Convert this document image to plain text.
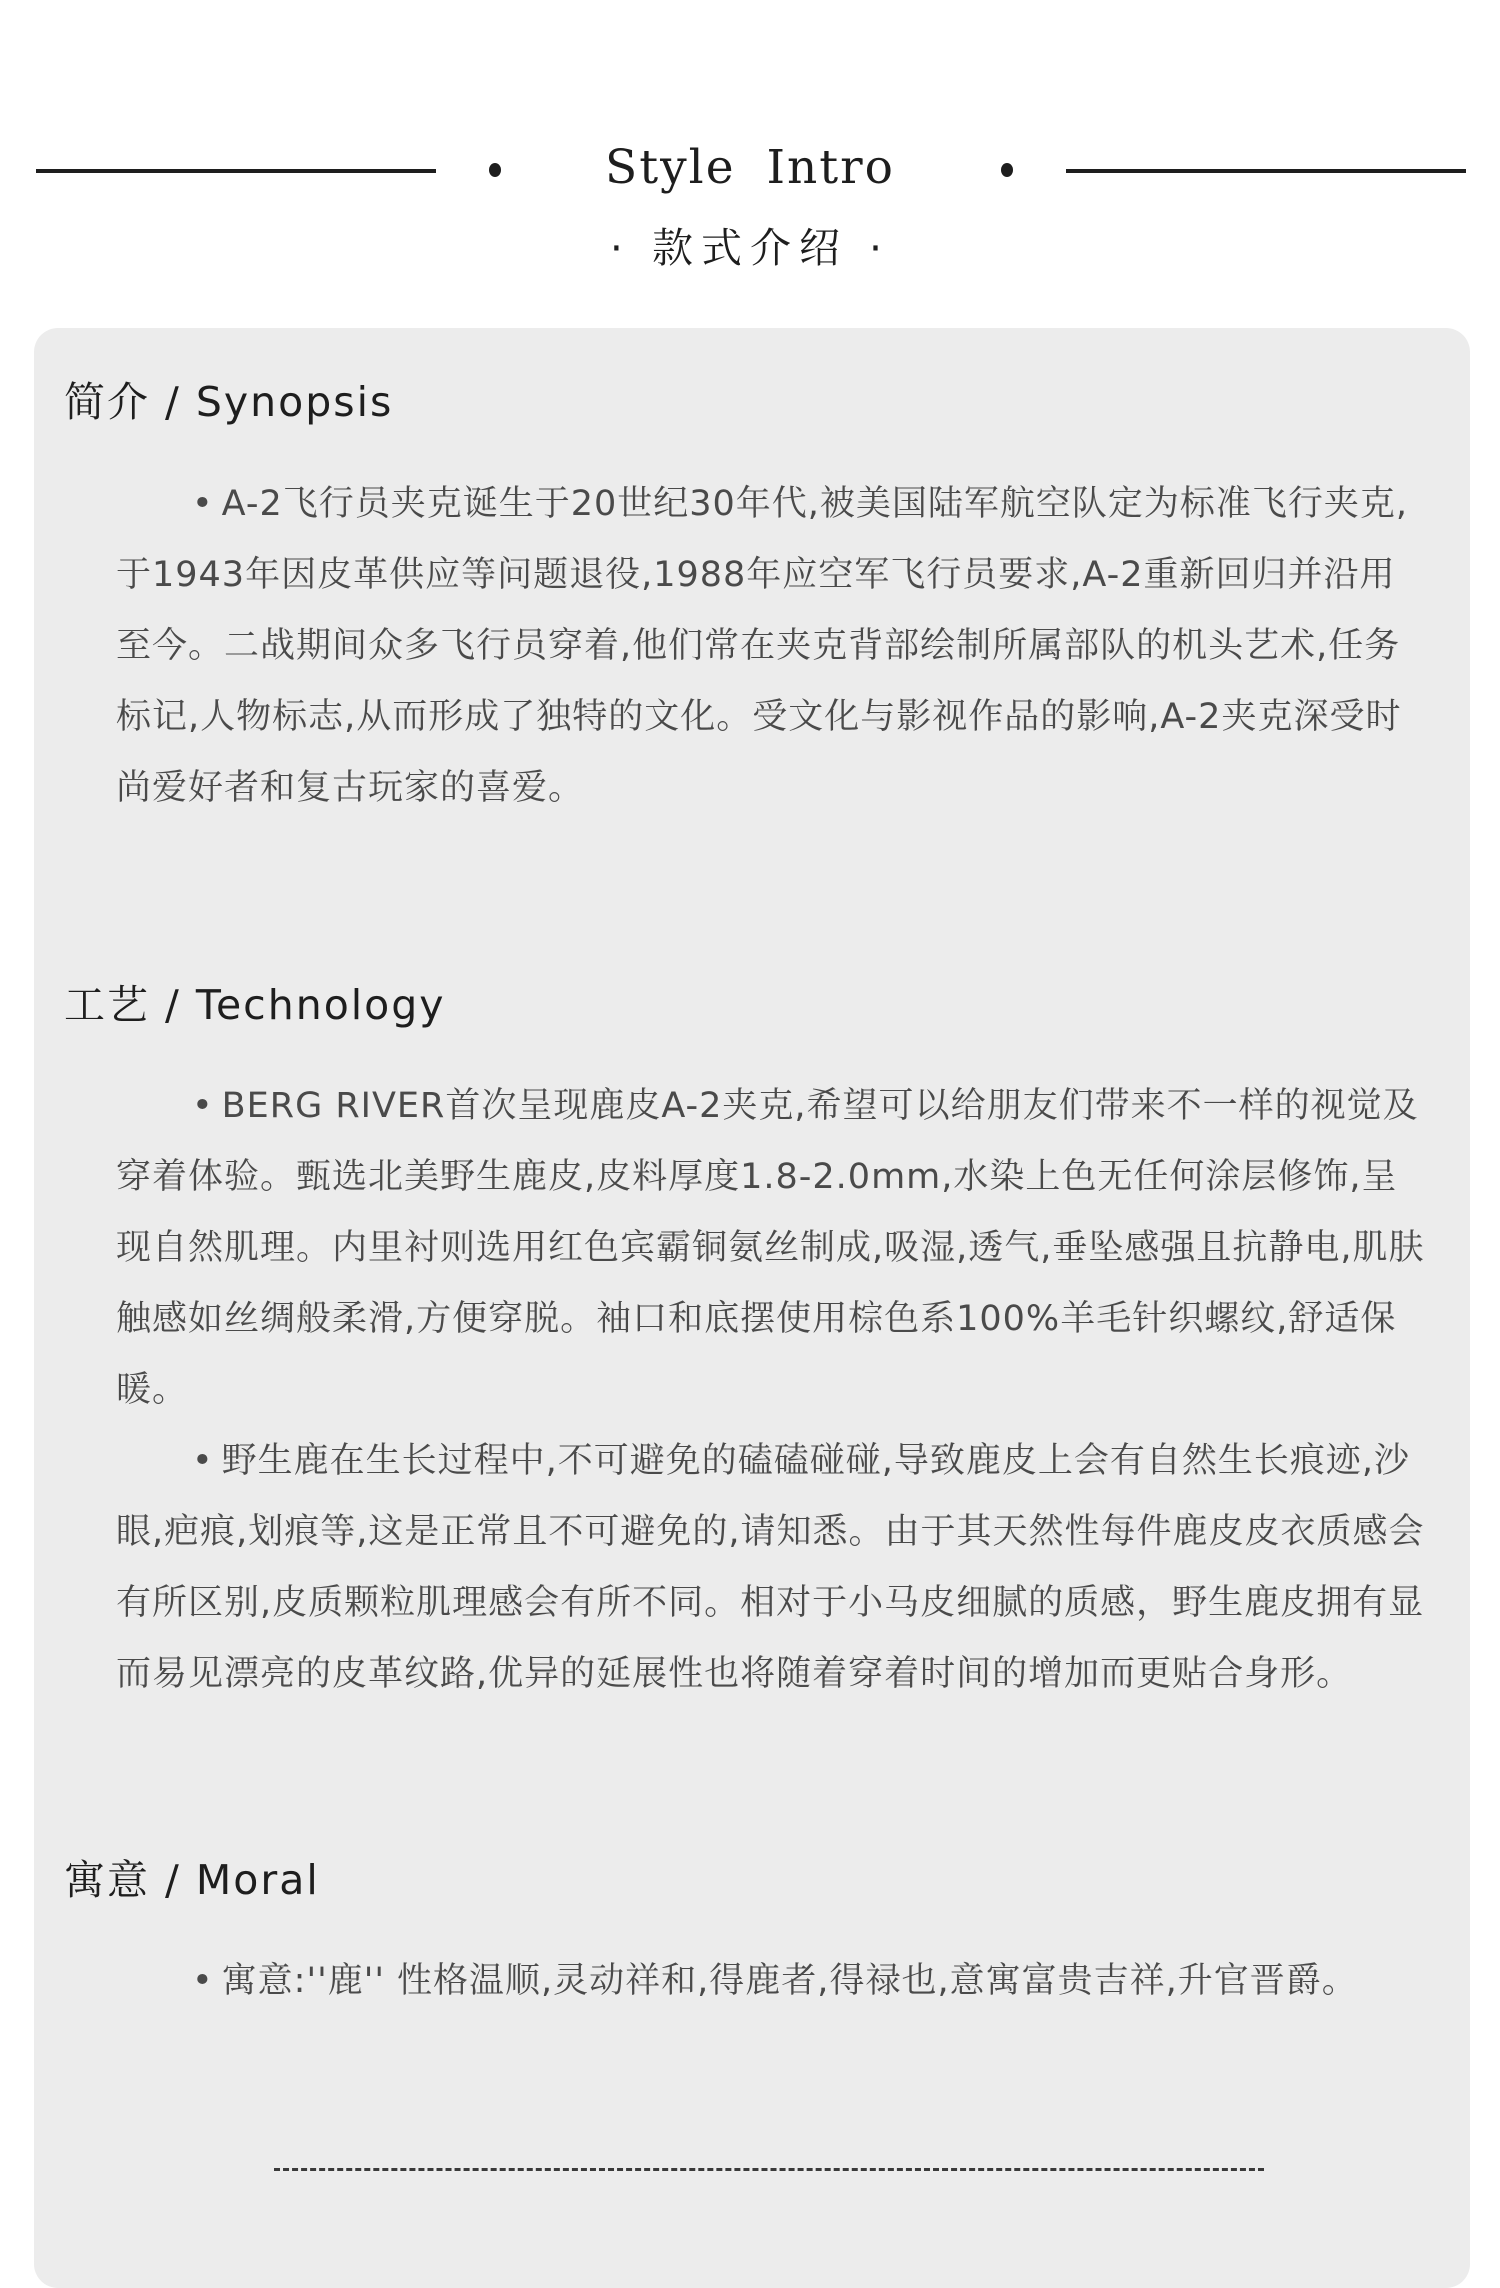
Style Intro
· 款式介绍 ·
简介 / Synopsis
• A-2飞行员夹克诞生于20世纪30年代,被美国陆军航空队定为标准飞行夹克,于1943年因皮革供应等问题退役,1988年应空军飞行员要求,A-2重新回归并沿用至今。二战期间众多飞行员穿着,他们常在夹克背部绘制所属部队的机头艺术,任务标记,人物标志,从而形成了独特的文化。受文化与影视作品的影响,A-2夹克深受时尚爱好者和复古玩家的喜爱。
工艺 / Technology
• BERG RIVER首次呈现鹿皮A-2夹克,希望可以给朋友们带来不一样的视觉及穿着体验。甄选北美野生鹿皮,皮料厚度1.8-2.0mm,水染上色无任何涂层修饰,呈现自然肌理。内里衬则选用红色宾霸铜氨丝制成,吸湿,透气,垂坠感强且抗静电,肌肤触感如丝绸般柔滑,方便穿脱。袖口和底摆使用棕色系100%羊毛针织螺纹,舒适保暖。
• 野生鹿在生长过程中,不可避免的磕磕碰碰,导致鹿皮上会有自然生长痕迹,沙眼,疤痕,划痕等,这是正常且不可避免的,请知悉。由于其天然性每件鹿皮皮衣质感会有所区别,皮质颗粒肌理感会有所不同。相对于小马皮细腻的质感，野生鹿皮拥有显而易见漂亮的皮革纹路,优异的延展性也将随着穿着时间的增加而更贴合身形。
寓意 / Moral
• 寓意:''鹿'' 性格温顺,灵动祥和,得鹿者,得禄也,意寓富贵吉祥,升官晋爵。
